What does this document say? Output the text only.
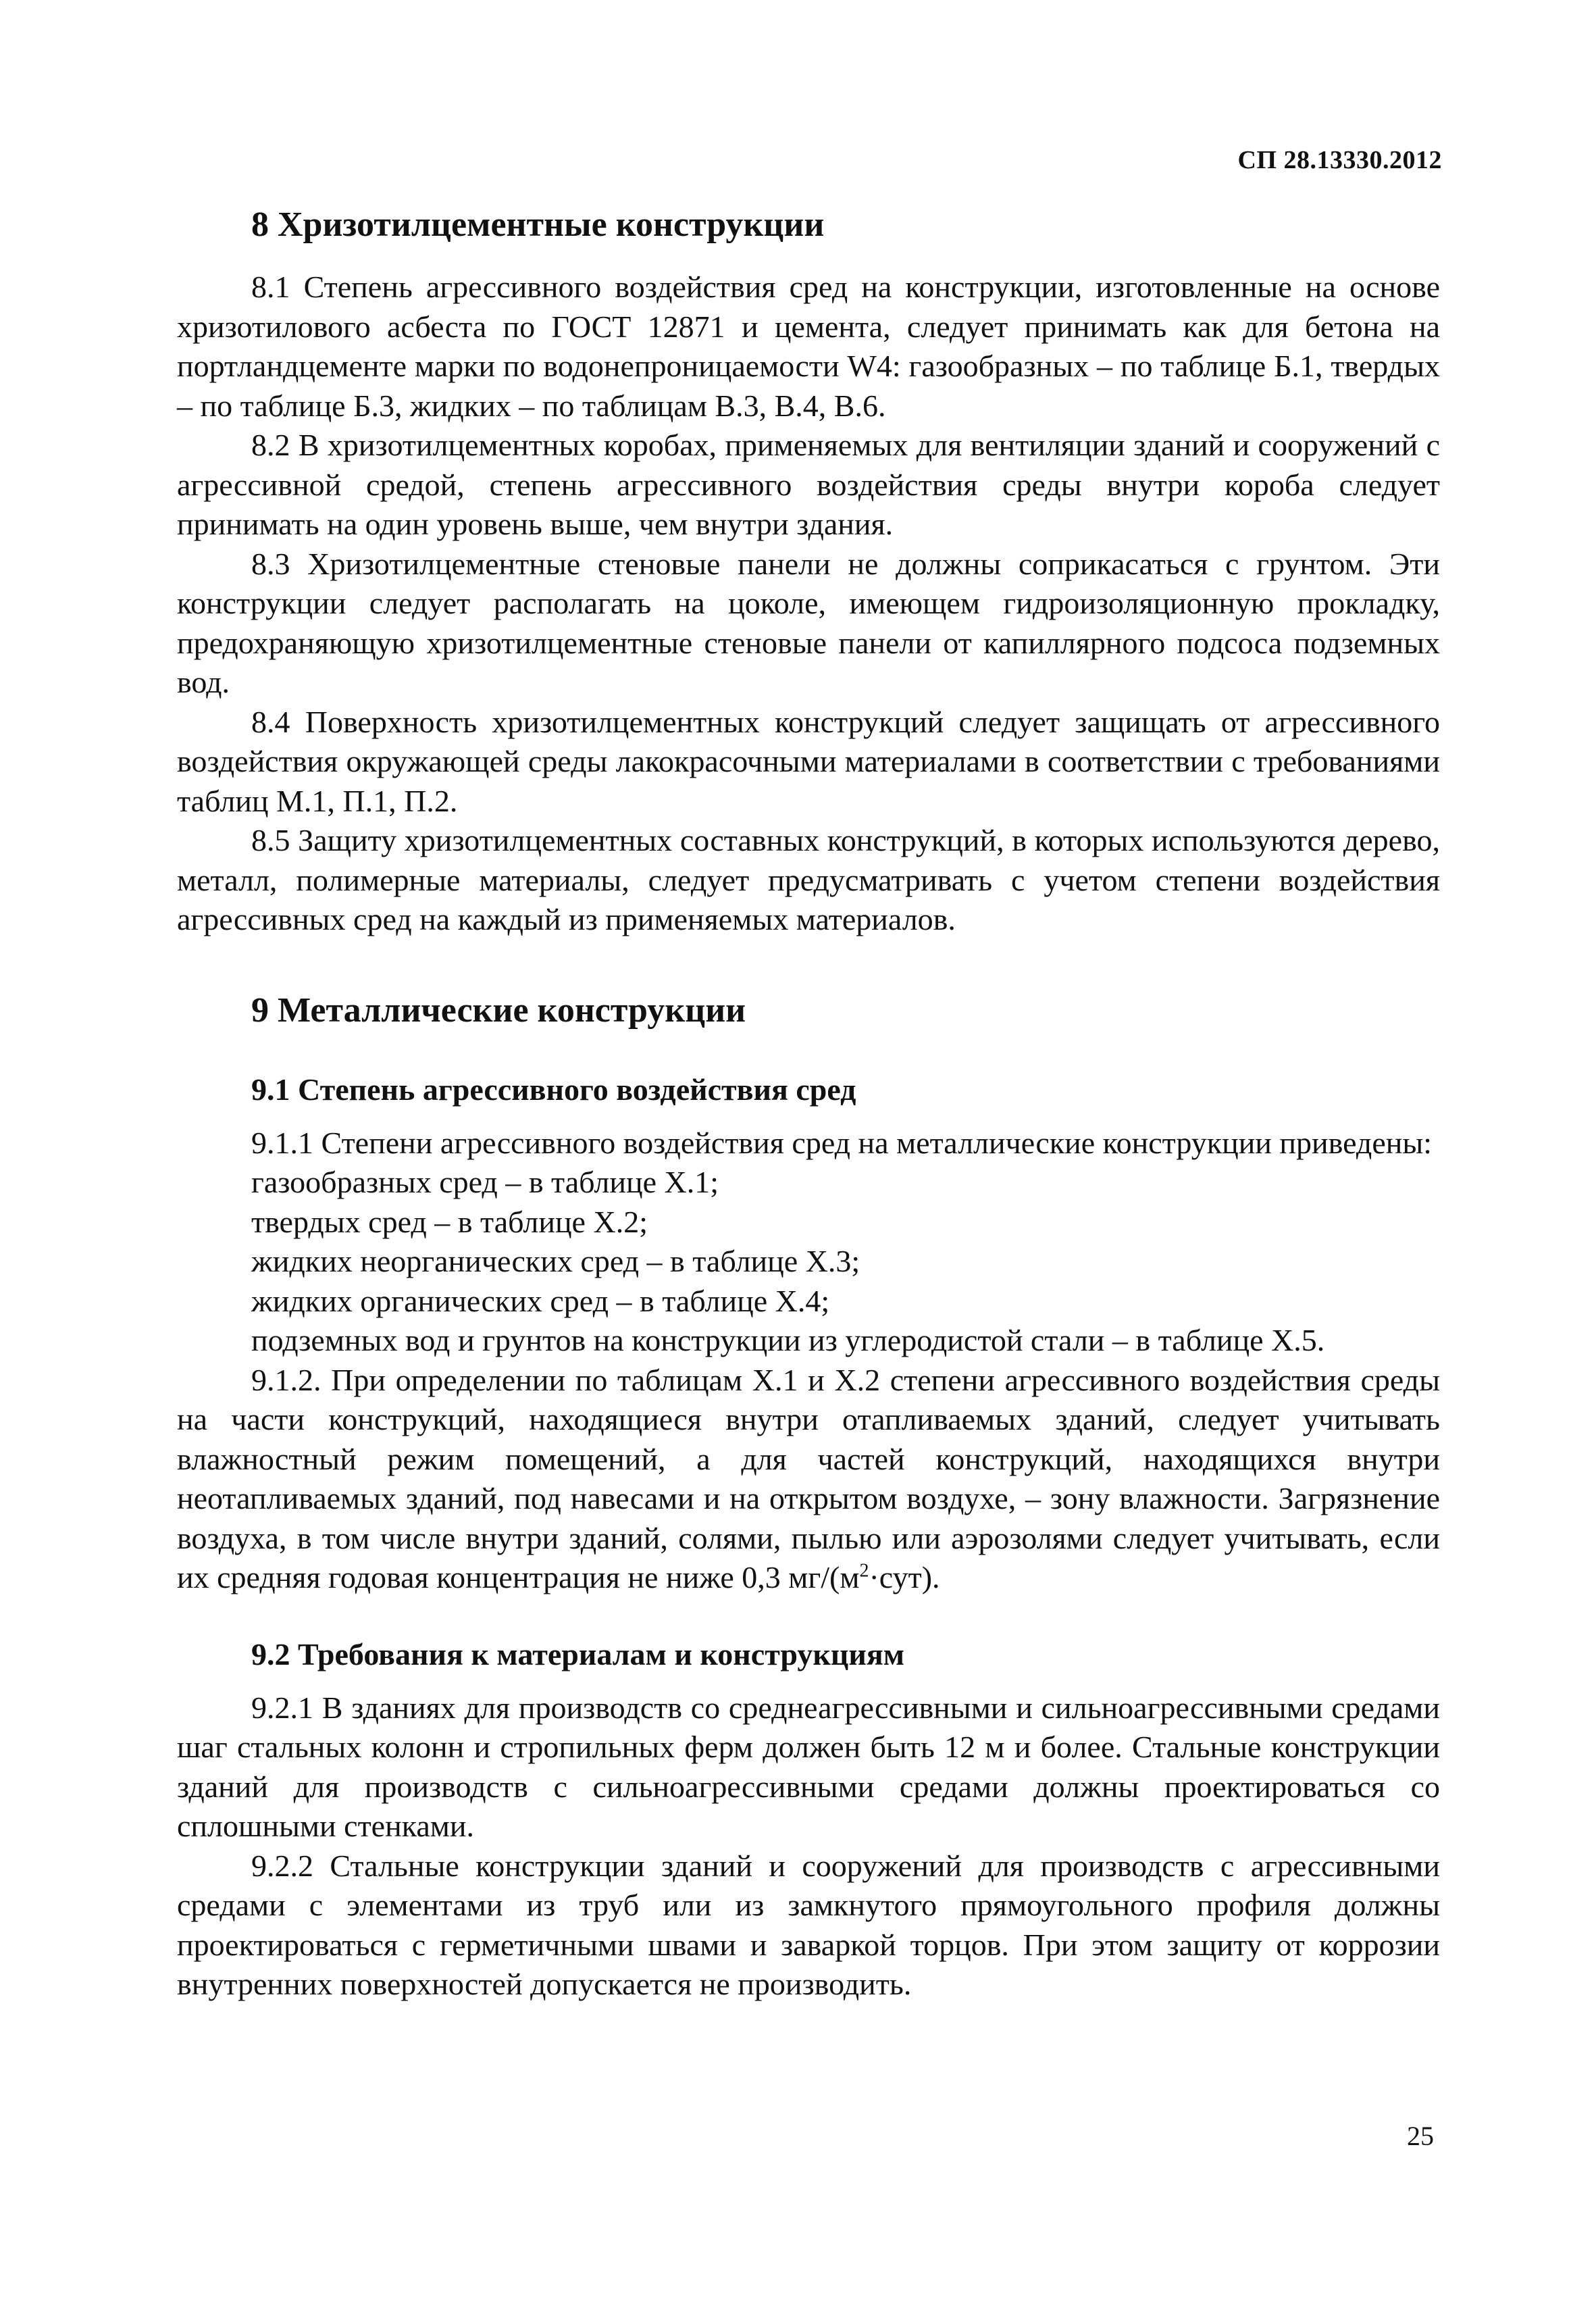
СП 28.13330.2012
8 Хризотилцементные конструкции

8.1 Степень агрессивного воздействия сред на конструкции, изготовленные на основе хризотилового асбеста по ГОСТ 12871 и цемента, следует принимать как для бетона на портландцементе марки по водонепроницаемости W4: газообразных – по таблице Б.1, твердых – по таблице Б.3, жидких – по таблицам В.3, В.4, В.6.

8.2 В хризотилцементных коробах, применяемых для вентиляции зданий и сооружений с агрессивной средой, степень агрессивного воздействия среды внутри короба следует принимать на один уровень выше, чем внутри здания.

8.3 Хризотилцементные стеновые панели не должны соприкасаться с грунтом. Эти конструкции следует располагать на цоколе, имеющем гидроизоляционную прокладку, предохраняющую хризотилцементные стеновые панели от капиллярного подсоса подземных вод.

8.4 Поверхность хризотилцементных конструкций следует защищать от агрессивного воздействия окружающей среды лакокрасочными материалами в соответствии с требованиями таблиц М.1, П.1, П.2.

8.5 Защиту хризотилцементных составных конструкций, в которых используются дерево, металл, полимерные материалы, следует предусматривать с учетом степени воздействия агрессивных сред на каждый из применяемых материалов.

9 Металлические конструкции
9.1 Степень агрессивного воздействия сред

9.1.1 Степени агрессивного воздействия сред на металлические конструкции приведены:

газообразных сред – в таблице Х.1;

твердых сред – в таблице Х.2;

жидких неорганических сред – в таблице Х.3;

жидких органических сред – в таблице Х.4;

подземных вод и грунтов на конструкции из углеродистой стали – в таблице Х.5.

9.1.2. При определении по таблицам Х.1 и Х.2 степени агрессивного воздействия среды на части конструкций, находящиеся внутри отапливаемых зданий, следует учитывать влажностный режим помещений, а для частей конструкций, находящихся внутри неотапливаемых зданий, под навесами и на открытом воздухе, – зону влажности. Загрязнение воздуха, в том числе внутри зданий, солями, пылью или аэрозолями следует учитывать, если их средняя годовая концентрация не ниже 0,3 $мг/(м^2\cdot сут)$.

9.2 Требования к материалам и конструкциям

9.2.1 В зданиях для производств со среднеагрессивными и сильноагрессивными средами шаг стальных колонн и стропильных ферм должен быть 12 м и более. Стальные конструкции зданий для производств с сильноагрессивными средами должны проектироваться со сплошными стенками.

9.2.2 Стальные конструкции зданий и сооружений для производств с агрессивными средами с элементами из труб или из замкнутого прямоугольного профиля должны проектироваться с герметичными швами и заваркой торцов. При этом защиту от коррозии внутренних поверхностей допускается не производить.

25
